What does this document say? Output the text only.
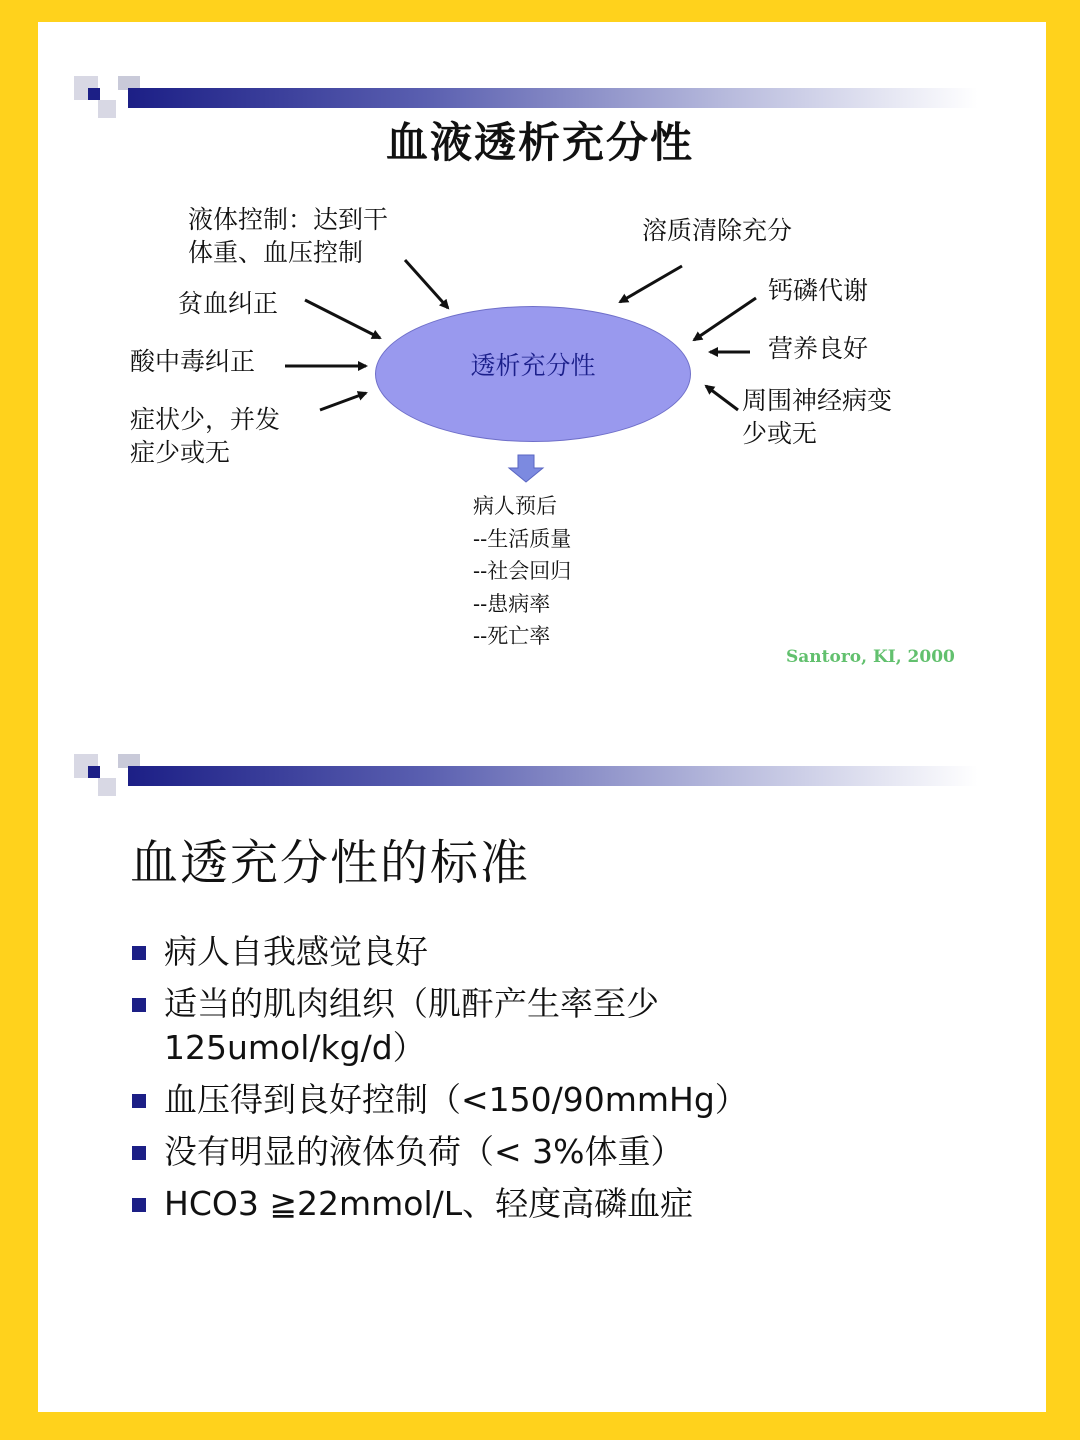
血液透析充分性
透析充分性
液体控制：达到干
体重、血压控制
贫血纠正
酸中毒纠正
症状少，并发
症少或无
溶质清除充分
钙磷代谢
营养良好
周围神经病变
少或无
病人预后
--生活质量
--社会回归
--患病率
--死亡率
Santoro, KI, 2000
血透充分性的标准
病人自我感觉良好
适当的肌肉组织（肌酐产生率至少
125umol/kg/d）
血压得到良好控制（<150/90mmHg）
没有明显的液体负荷（< 3%体重）
HCO3 ≧22mmol/L、轻度高磷血症
